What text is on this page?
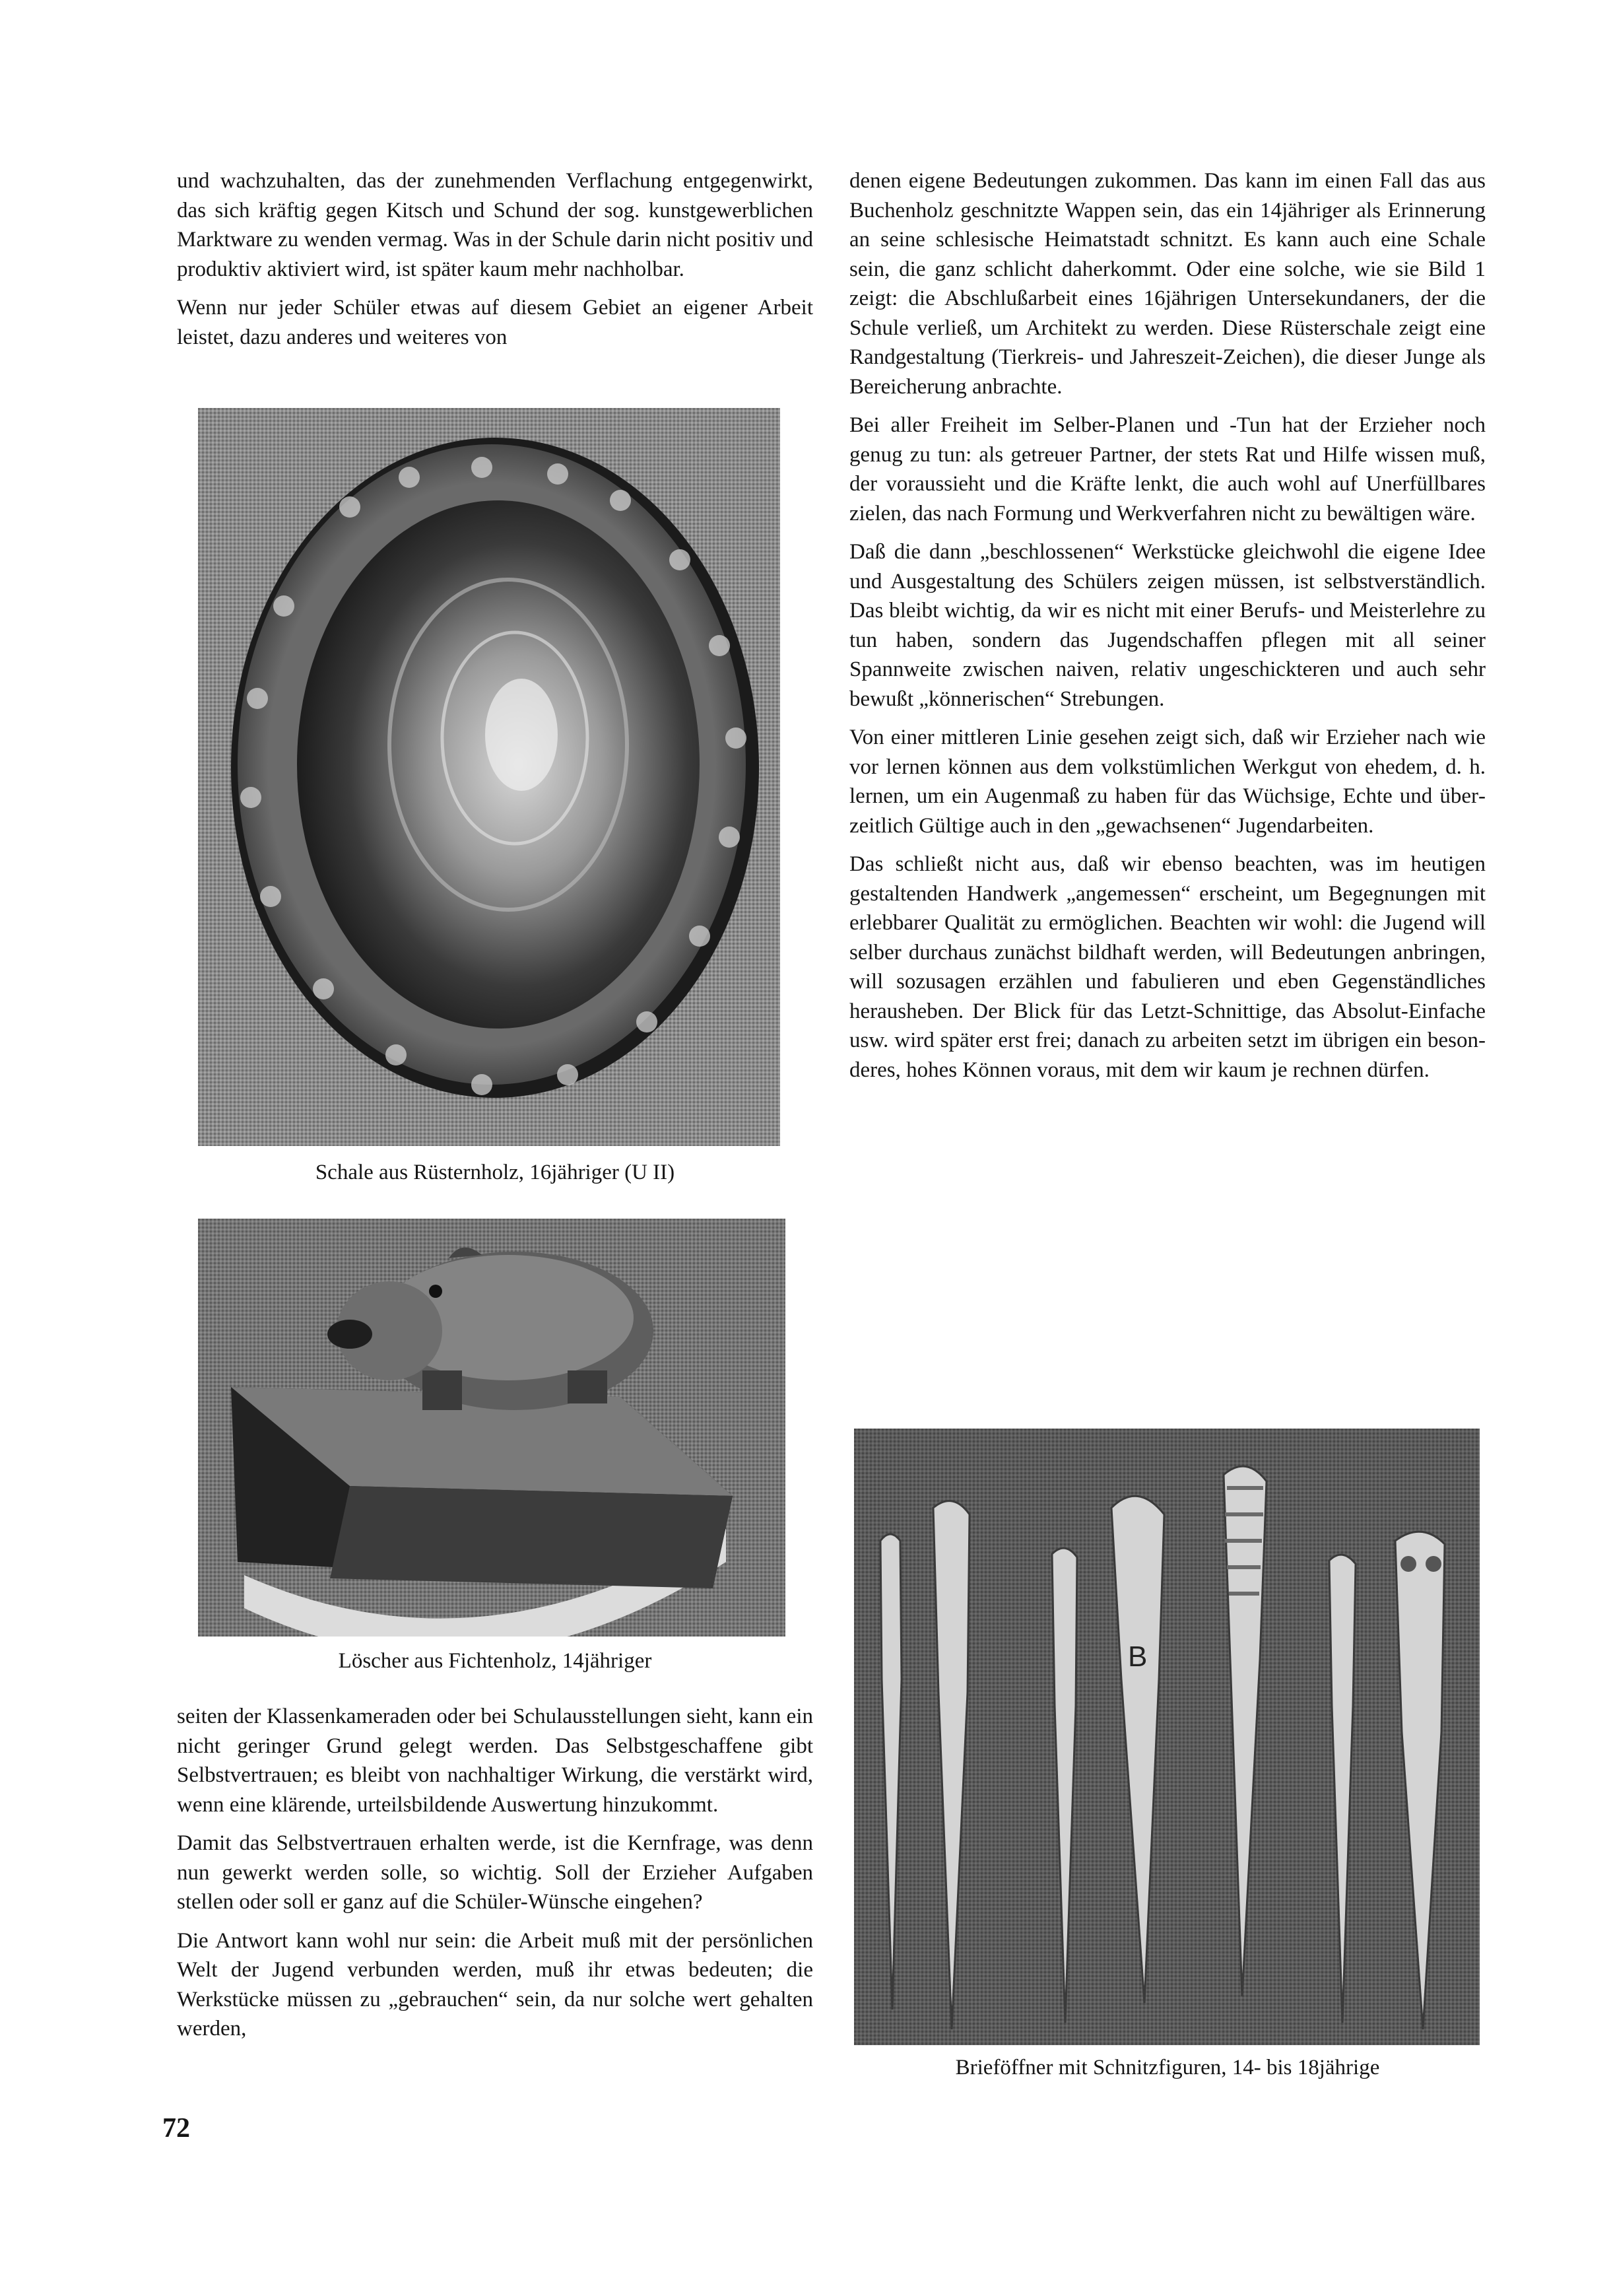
und wachzuhalten, das der zunehmenden Verflachung entgegenwirkt, das sich kräftig gegen Kitsch und Schund der sog. kunstgewerblichen Marktware zu wenden vermag. Was in der Schule darin nicht positiv und produktiv aktiviert wird, ist später kaum mehr nachholbar.

Wenn nur jeder Schüler etwas auf diesem Gebiet an eigener Arbeit leistet, dazu anderes und weiteres von

Schale aus Rüsternholz, 16jähriger (U II)

Löscher aus Fichtenholz, 14jähriger

seiten der Klassenkameraden oder bei Schulausstellungen sieht, kann ein nicht geringer Grund gelegt werden. Das Selbstgeschaffene gibt Selbstvertrauen; es bleibt von nachhaltiger Wirkung, die verstärkt wird, wenn eine klärende, urteilsbildende Auswertung hinzukommt.

Damit das Selbstvertrauen erhalten werde, ist die Kernfrage, was denn nun gewerkt werden solle, so wichtig. Soll der Erzieher Aufgaben stellen oder soll er ganz auf die Schüler-Wünsche eingehen?

Die Antwort kann wohl nur sein: die Arbeit muß mit der persönlichen Welt der Jugend verbunden werden, muß ihr etwas bedeuten; die Werkstücke müssen zu „gebrauchen“ sein, da nur solche wert gehalten werden,

denen eigene Bedeutungen zukommen. Das kann im einen Fall das aus Buchenholz geschnitzte Wappen sein, das ein 14jähriger als Erinnerung an seine schlesische Heimatstadt schnitzt. Es kann auch eine Schale sein, die ganz schlicht daherkommt. Oder eine solche, wie sie Bild 1 zeigt: die Abschlußarbeit eines 16jährigen Untersekundaners, der die Schule verließ, um Architekt zu werden. Diese Rüsterschale zeigt eine Randgestaltung (Tierkreis- und Jahreszeit-Zeichen), die dieser Junge als Bereicherung anbrachte.

Bei aller Freiheit im Selber-Planen und -Tun hat der Erzieher noch genug zu tun: als getreuer Partner, der stets Rat und Hilfe wissen muß, der voraussieht und die Kräfte lenkt, die auch wohl auf Unerfüllbares zielen, das nach Formung und Werkverfahren nicht zu bewältigen wäre.

Daß die dann „beschlossenen“ Werkstücke gleichwohl die eigene Idee und Ausgestaltung des Schülers zeigen müssen, ist selbstverständlich. Das bleibt wichtig, da wir es nicht mit einer Berufs- und Meisterlehre zu tun haben, sondern das Jugendschaffen pflegen mit all seiner Spannweite zwischen naiven, relativ ungeschickteren und auch sehr bewußt „könnerischen“ Strebungen.

Von einer mittleren Linie gesehen zeigt sich, daß wir Erzieher nach wie vor lernen können aus dem volkstümlichen Werkgut von ehedem, d. h. lernen, um ein Augenmaß zu haben für das Wüchsige, Echte und überzeitlich Gültige auch in den „gewachsenen“ Jugendarbeiten.

Das schließt nicht aus, daß wir ebenso beachten, was im heutigen gestaltenden Handwerk „angemessen“ erscheint, um Begegnungen mit erlebbarer Qualität zu ermöglichen. Beachten wir wohl: die Jugend will selber durchaus zunächst bildhaft werden, will Bedeutungen anbringen, will sozusagen erzählen und fabulieren und eben Gegenständliches herausheben. Der Blick für das Letzt-Schnittige, das Absolut-Einfache usw. wird später erst frei; danach zu arbeiten setzt im übrigen ein besonderes, hohes Können voraus, mit dem wir kaum je rechnen dürfen.

B

Brieföffner mit Schnitzfiguren, 14- bis 18jährige

72
